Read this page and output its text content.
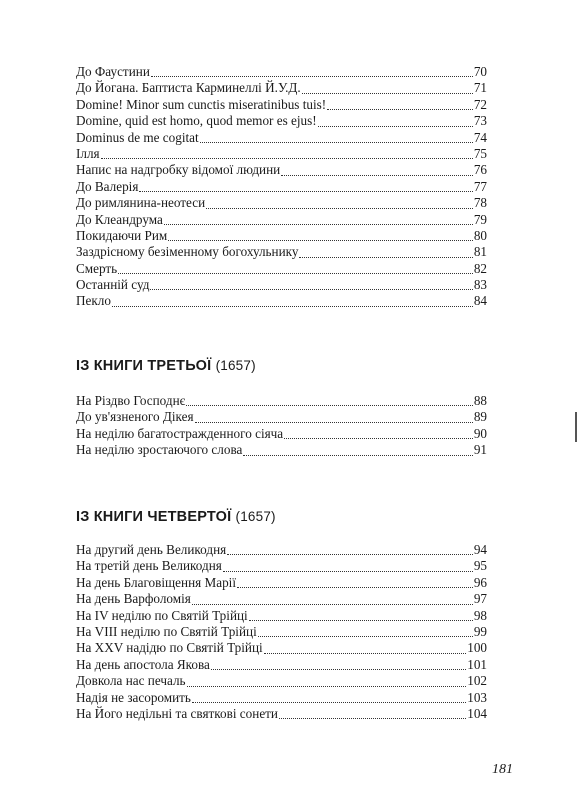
До Фаустини	70
До Йогана. Баптиста Карминеллі Й.У.Д.	71
Domine! Minor sum cunctis miseratinibus tuis!	72
Domine, quid est homo, quod memor es ejus!	73
Dominus de me cogitat	74
Ілля	75
Напис на надгробку відомої людини	76
До Валерія	77
До римлянина-неотеси	78
До Клеандрума	79
Покидаючи Рим	80
Заздрісному безіменному богохульнику	81
Смерть	82
Останній суд	83
Пекло	84
ІЗ КНИГИ ТРЕТЬОЇ (1657)
На Різдво Господнє	88
До ув'язненого Дікея	89
На неділю багатостражденного сіяча	90
На неділю зростаючого слова	91
ІЗ КНИГИ ЧЕТВЕРТОЇ (1657)
На другий день Великодня	94
На третій день Великодня	95
На день Благовіщення Марії	96
На день Варфоломія	97
На IV неділю по Святій Трійці	98
На VIII неділю по Святій Трійці	99
На XXV надідю по Святій Трійці	100
На день апостола Якова	101
Довкола нас печаль	102
Надія не засоромить	103
На Його недільні та святкові сонети	104
181
